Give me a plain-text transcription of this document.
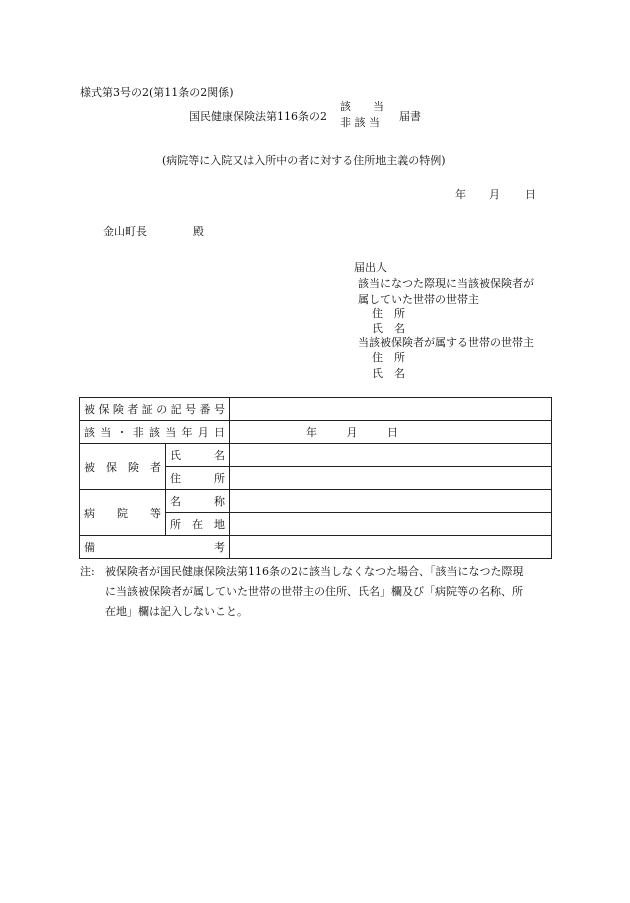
様式第3号の2(第11条の2関係)
国民健康保険法第116条の2
該　　当
非 該 当 届書
(病院等に入院又は入所中の者に対する住所地主義の特例)
年 月 日
金山町長	殿
届出人
該当になつた際現に当該被保険者が
属していた世帯の世帯主
住　所
氏　名
当該被保険者が属する世帯の世帯主
住　所
氏　名
被保険者証の記号番号		

該当・非該当年月日		年 月 日

被保険者	氏　名	

	住　所	

病院等	名　称	

	所在地	

備考		

注: 被保険者が国民健康保険法第116条の2に該当しなくなつた場合、「該当になつた際現
に当該被保険者が属していた世帯の世帯主の住所、氏名」欄及び「病院等の名称、所
在地」欄は記入しないこと。
